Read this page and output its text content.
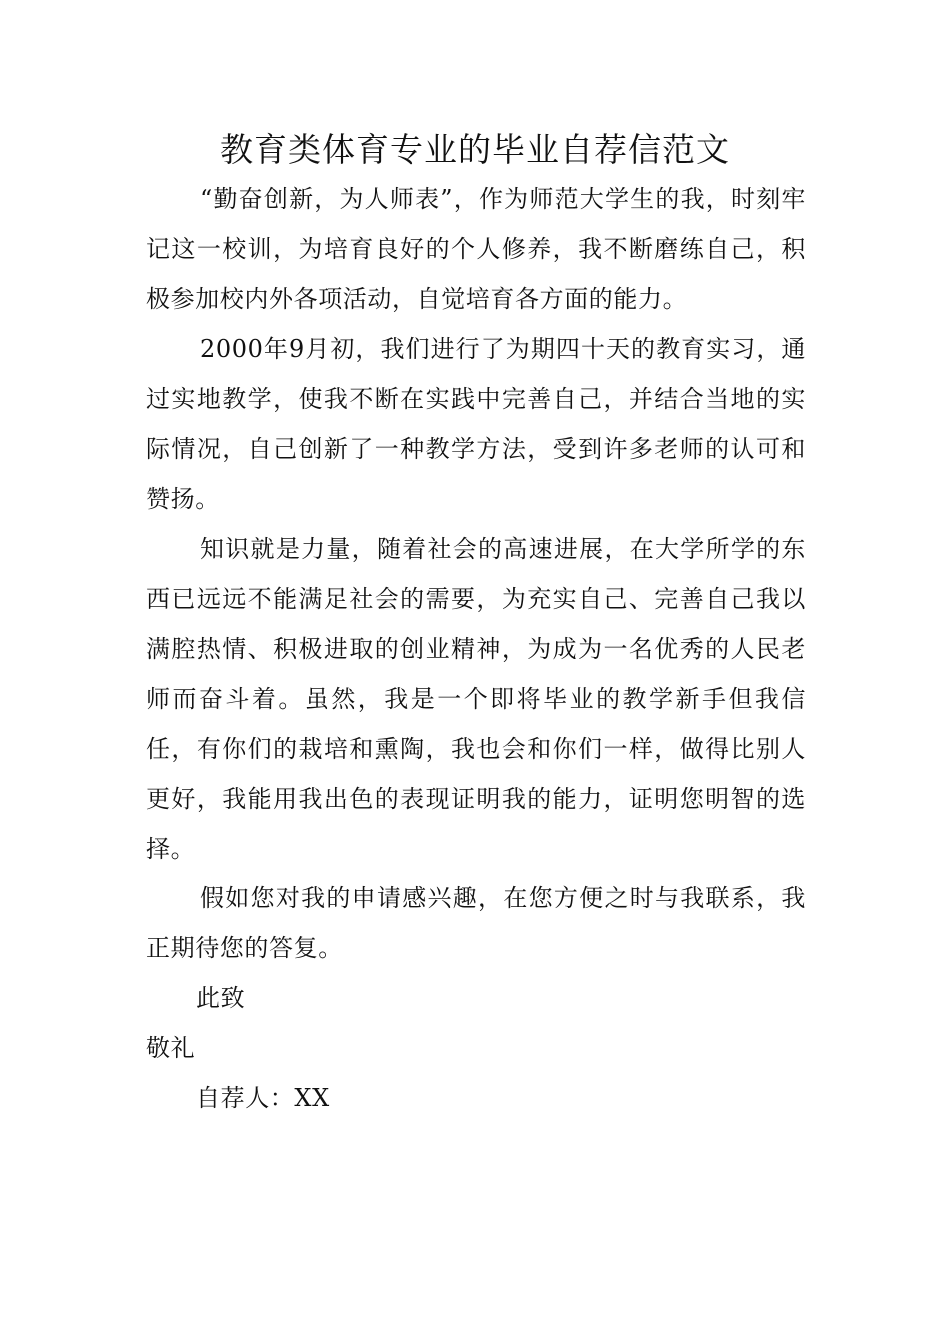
教育类体育专业的毕业自荐信范文

“勤奋创新，为人师表”，作为师范大学生的我，时刻牢记这一校训，为培育良好的个人修养，我不断磨练自己，积极参加校内外各项活动，自觉培育各方面的能力。

2000年9月初，我们进行了为期四十天的教育实习，通过实地教学，使我不断在实践中完善自己，并结合当地的实际情况，自己创新了一种教学方法，受到许多老师的认可和赞扬。

知识就是力量，随着社会的高速进展，在大学所学的东西已远远不能满足社会的需要，为充实自己、完善自己我以满腔热情、积极进取的创业精神，为成为一名优秀的人民老师而奋斗着。虽然，我是一个即将毕业的教学新手但我信任，有你们的栽培和熏陶，我也会和你们一样，做得比别人更好，我能用我出色的表现证明我的能力，证明您明智的选择。

假如您对我的申请感兴趣，在您方便之时与我联系，我正期待您的答复。

此致

敬礼

自荐人：XX
